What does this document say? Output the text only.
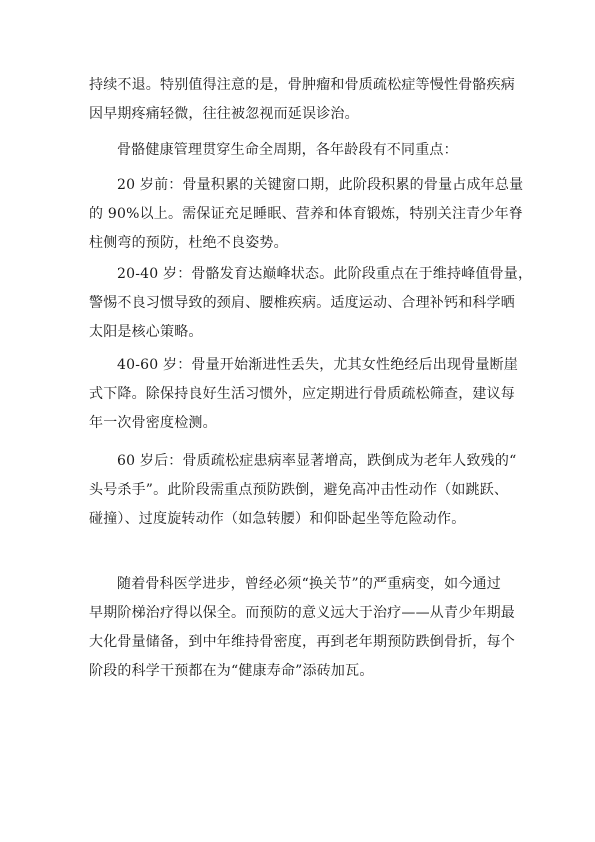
持续不退。特别值得注意的是，骨肿瘤和骨质疏松症等慢性骨骼疾病
因早期疼痛轻微，往往被忽视而延误诊治。
骨骼健康管理贯穿生命全周期，各年龄段有不同重点：
20 岁前：骨量积累的关键窗口期，此阶段积累的骨量占成年总量
的 90%以上。需保证充足睡眠、营养和体育锻炼，特别关注青少年脊
柱侧弯的预防，杜绝不良姿势。
20-40 岁：骨骼发育达巅峰状态。此阶段重点在于维持峰值骨量，
警惕不良习惯导致的颈肩、腰椎疾病。适度运动、合理补钙和科学晒
太阳是核心策略。
40-60 岁：骨量开始渐进性丢失，尤其女性绝经后出现骨量断崖
式下降。除保持良好生活习惯外，应定期进行骨质疏松筛查，建议每
年一次骨密度检测。
60 岁后：骨质疏松症患病率显著增高，跌倒成为老年人致残的“
头号杀手”。此阶段需重点预防跌倒，避免高冲击性动作（如跳跃、
碰撞）、过度旋转动作（如急转腰）和仰卧起坐等危险动作。
随着骨科医学进步，曾经必须“换关节”的严重病变，如今通过
早期阶梯治疗得以保全。而预防的意义远大于治疗——从青少年期最
大化骨量储备，到中年维持骨密度，再到老年期预防跌倒骨折，每个
阶段的科学干预都在为“健康寿命”添砖加瓦。
